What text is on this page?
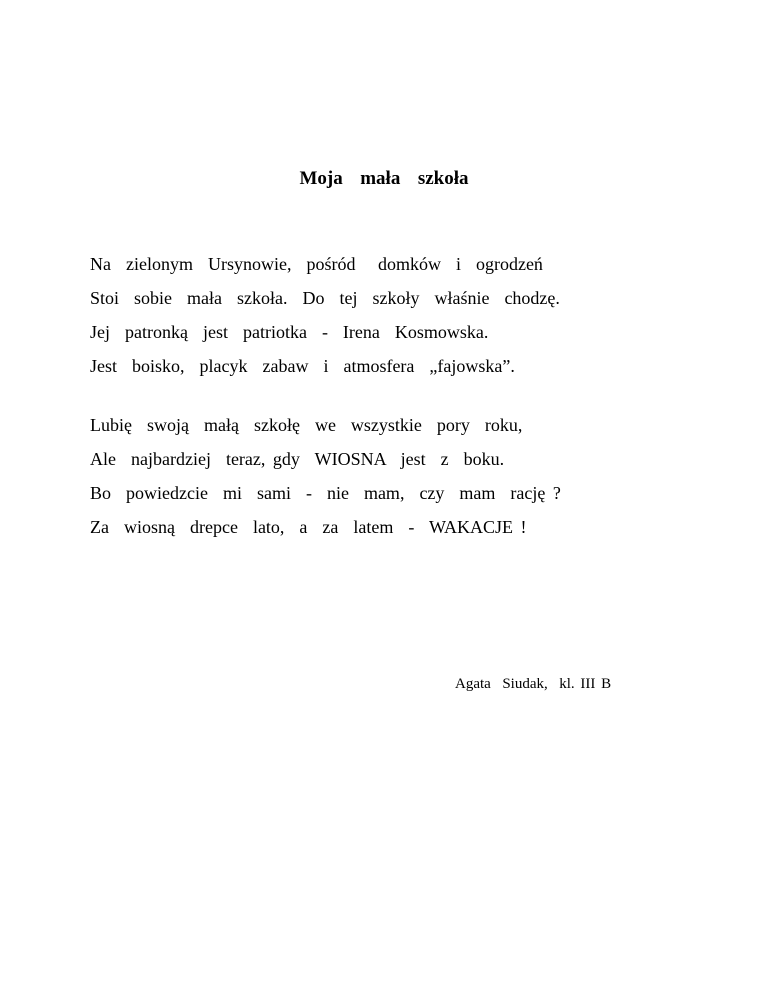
Moja  mała  szkoła
Na  zielonym  Ursynowie,  pośród   domków  i  ogrodzeń
Stoi  sobie  mała  szkoła.  Do  tej  szkoły  właśnie  chodzę.
Jej  patronką  jest  patriotka  -  Irena  Kosmowska.
Jest  boisko,  placyk  zabaw  i  atmosfera  „fajowska”.
Lubię  swoją  małą  szkołę  we  wszystkie  pory  roku,
Ale  najbardziej  teraz, gdy  WIOSNA  jest  z  boku.
Bo  powiedzcie  mi  sami  -  nie  mam,  czy  mam  rację ?
Za  wiosną  drepce  lato,  a  za  latem  -  WAKACJE !
Agata  Siudak,  kl. III B
